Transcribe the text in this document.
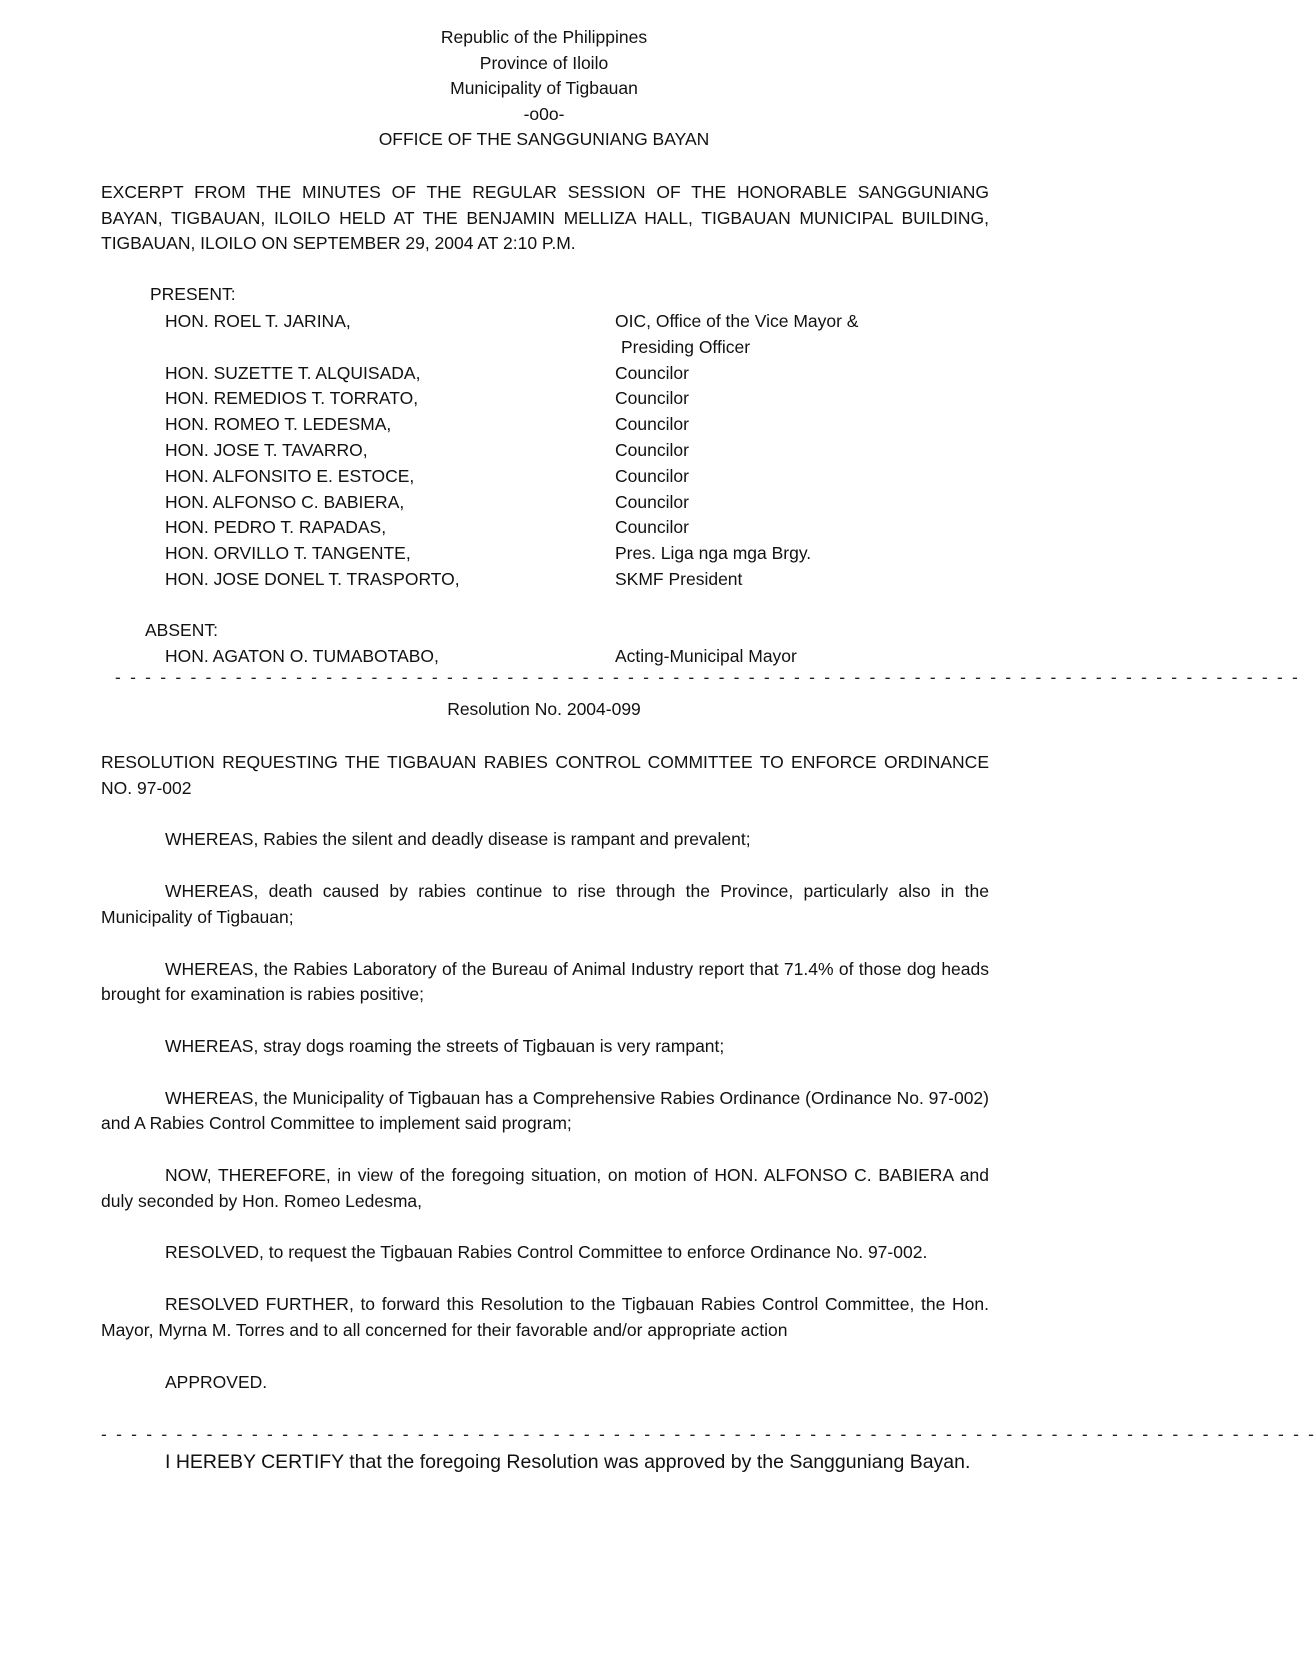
Republic of the Philippines
Province of Iloilo
Municipality of Tigbauan
-o0o-
OFFICE OF THE SANGGUNIANG BAYAN
EXCERPT FROM THE MINUTES OF THE REGULAR SESSION OF THE HONORABLE SANGGUNIANG BAYAN, TIGBAUAN, ILOILO HELD AT THE BENJAMIN MELLIZA HALL, TIGBAUAN MUNICIPAL BUILDING, TIGBAUAN, ILOILO ON SEPTEMBER 29, 2004 AT 2:10 P.M.
PRESENT:
HON. ROEL T. JARINA,	OIC, Office of the Vice Mayor &
Presiding Officer
HON. SUZETTE T. ALQUISADA,	Councilor
HON. REMEDIOS T. TORRATO,	Councilor
HON. ROMEO T. LEDESMA,	Councilor
HON. JOSE T. TAVARRO,	Councilor
HON. ALFONSITO E. ESTOCE,	Councilor
HON. ALFONSO C. BABIERA,	Councilor
HON. PEDRO T. RAPADAS,	Councilor
HON. ORVILLO T. TANGENTE,	Pres. Liga nga mga Brgy.
HON. JOSE DONEL T. TRASPORTO,	SKMF President
ABSENT:
HON. AGATON O. TUMABOTABO,	Acting-Municipal Mayor
- - - - - - - - - - - - - - - - - - - - - - - - - - - - - - - - - - - - - - - - - - - - - - - - - - - - - - - - - - - - - - - - - - - - - - - - - - - - - - -
Resolution No. 2004-099

RESOLUTION REQUESTING THE TIGBAUAN RABIES CONTROL COMMITTEE TO ENFORCE ORDINANCE NO. 97-002

WHEREAS, Rabies the silent and deadly disease is rampant and prevalent;

WHEREAS, death caused by rabies continue to rise through the Province, particularly also in the Municipality of Tigbauan;

WHEREAS, the Rabies Laboratory of the Bureau of Animal Industry report that 71.4% of those dog heads brought for examination is rabies positive;

WHEREAS, stray dogs roaming the streets of Tigbauan is very rampant;

WHEREAS, the Municipality of Tigbauan has a Comprehensive Rabies Ordinance (Ordinance No. 97-002) and A Rabies Control Committee to implement said program;

NOW, THEREFORE, in view of the foregoing situation, on motion of HON. ALFONSO C. BABIERA and duly seconded by Hon. Romeo Ledesma,

RESOLVED, to request the Tigbauan Rabies Control Committee to enforce Ordinance No. 97-002.

RESOLVED FURTHER, to forward this Resolution to the Tigbauan Rabies Control Committee, the Hon. Mayor, Myrna M. Torres and to all concerned for their favorable and/or appropriate action

APPROVED.

- - - - - - - - - - - - - - - - - - - - - - - - - - - - - - - - - - - - - - - - - - - - - - - - - - - - - - - - - - - - - - - - - - - - - - - - - - - - - - - - -
I HEREBY CERTIFY that the foregoing Resolution was approved by the Sangguniang Bayan.
